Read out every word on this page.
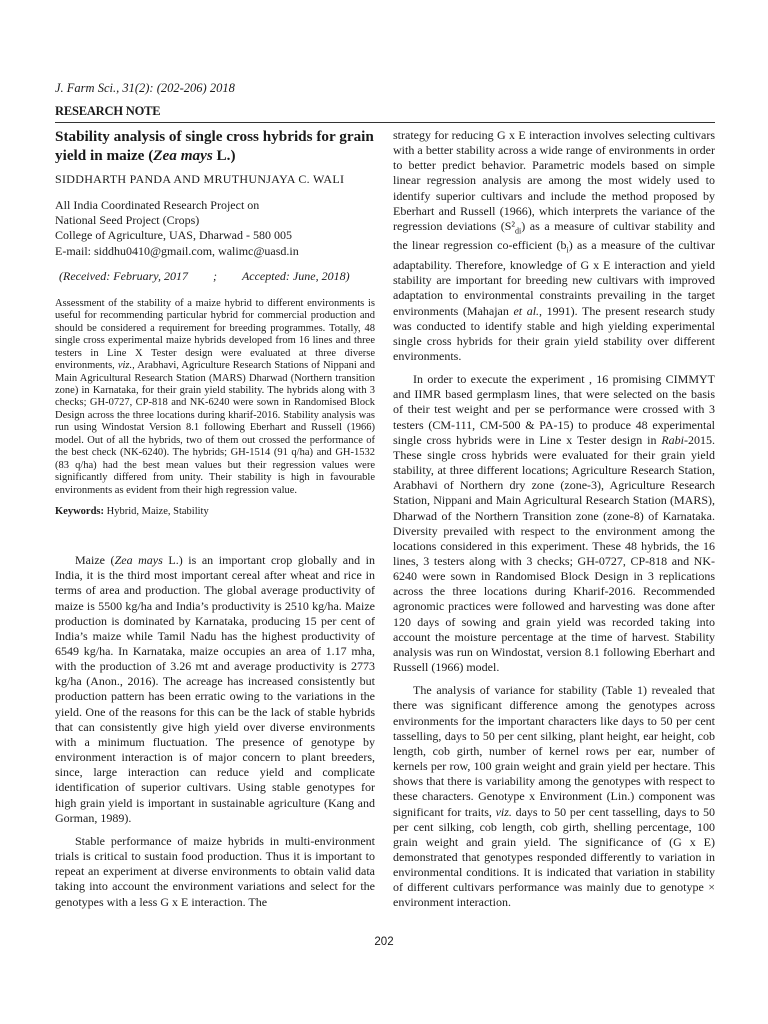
J. Farm Sci., 31(2): (202-206) 2018
RESEARCH NOTE
Stability analysis of single cross hybrids for grain yield in maize (Zea mays L.)
SIDDHARTH PANDA AND MRUTHUNJAYA C. WALI
All India Coordinated Research Project on
National Seed Project (Crops)
College of Agriculture, UAS, Dharwad - 580 005
E-mail: siddhu0410@gmail.com, walimc@uasd.in
(Received: February, 2017 ; Accepted: June, 2018)

Assessment of the stability of a maize hybrid to different environments is useful for recommending particular hybrid for commercial production and should be considered a requirement for breeding programmes. Totally, 48 single cross experimental maize hybrids developed from 16 lines and three testers in Line X Tester design were evaluated at three diverse environments, viz., Arabhavi, Agriculture Research Stations of Nippani and Main Agricultural Research Station (MARS) Dharwad (Northern transition zone) in Karnataka, for their grain yield stability. The hybrids along with 3 checks; GH-0727, CP-818 and NK-6240 were sown in Randomised Block Design across the three locations during kharif-2016. Stability analysis was run using Windostat Version 8.1 following Eberhart and Russell (1966) model. Out of all the hybrids, two of them out crossed the performance of the best check (NK-6240). The hybrids; GH-1514 (91 q/ha) and GH-1532 (83 q/ha) had the best mean values but their regression values were significantly differed from unity. Their stability is high in favourable environments as evident from their high regression value.

Keywords: Hybrid, Maize, Stability

Maize (Zea mays L.) is an important crop globally and in India, it is the third most important cereal after wheat and rice in terms of area and production. The global average productivity of maize is 5500 kg/ha and India’s productivity is 2510 kg/ha. Maize production is dominated by Karnataka, producing 15 per cent of India’s maize while Tamil Nadu has the highest productivity of 6549 kg/ha. In Karnataka, maize occupies an area of 1.17 mha, with the production of 3.26 mt and average productivity is 2773 kg/ha (Anon., 2016). The acreage has increased consistently but production pattern has been erratic owing to the variations in the yield. One of the reasons for this can be the lack of stable hybrids that can consistently give high yield over diverse environments with a minimum fluctuation. The presence of genotype by environment interaction is of major concern to plant breeders, since, large interaction can reduce yield and complicate identification of superior cultivars. Using stable genotypes for high grain yield is important in sustainable agriculture (Kang and Gorman, 1989).

Stable performance of maize hybrids in multi-environment trials is critical to sustain food production. Thus it is important to repeat an experiment at diverse environments to obtain valid data taking into account the environment variations and select for the genotypes with a less G x E interaction. The

strategy for reducing G x E interaction involves selecting cultivars with a better stability across a wide range of environments in order to better predict behavior. Parametric models based on simple linear regression analysis are among the most widely used to identify superior cultivars and include the method proposed by Eberhart and Russell (1966), which interprets the variance of the regression deviations $(S^2_{di})$ as a measure of cultivar stability and the linear regression co-efficient $(b_i)$ as a measure of the cultivar adaptability. Therefore, knowledge of G x E interaction and yield stability are important for breeding new cultivars with improved adaptation to environmental constraints prevailing in the target environments (Mahajan et al., 1991). The present research study was conducted to identify stable and high yielding experimental single cross hybrids for their grain yield stability over different environments.

In order to execute the experiment , 16 promising CIMMYT and IIMR based germplasm lines, that were selected on the basis of their test weight and per se performance were crossed with 3 testers (CM-111, CM-500 & PA-15) to produce 48 experimental single cross hybrids were in Line x Tester design in Rabi-2015. These single cross hybrids were evaluated for their grain yield stability, at three different locations; Agriculture Research Station, Arabhavi of Northern dry zone (zone-3), Agriculture Research Station, Nippani and Main Agricultural Research Station (MARS), Dharwad of the Northern Transition zone (zone-8) of Karnataka. Diversity prevailed with respect to the environment among the locations considered in this experiment. These 48 hybrids, the 16 lines, 3 testers along with 3 checks; GH-0727, CP-818 and NK-6240 were sown in Randomised Block Design in 3 replications across the three locations during Kharif-2016. Recommended agronomic practices were followed and harvesting was done after 120 days of sowing and grain yield was recorded taking into account the moisture percentage at the time of harvest. Stability analysis was run on Windostat, version 8.1 following Eberhart and Russell (1966) model.

The analysis of variance for stability (Table 1) revealed that there was significant difference among the genotypes across environments for the important characters like days to 50 per cent tasselling, days to 50 per cent silking, plant height, ear height, cob length, cob girth, number of kernel rows per ear, number of kernels per row, 100 grain weight and grain yield per hectare. This shows that there is variability among the genotypes with respect to these characters. Genotype x Environment (Lin.) component was significant for traits, viz. days to 50 per cent tasselling, days to 50 per cent silking, cob length, cob girth, shelling percentage, 100 grain weight and grain yield. The significance of (G x E) demonstrated that genotypes responded differently to variation in environmental conditions. It is indicated that variation in stability of different cultivars performance was mainly due to genotype × environment interaction.

202
